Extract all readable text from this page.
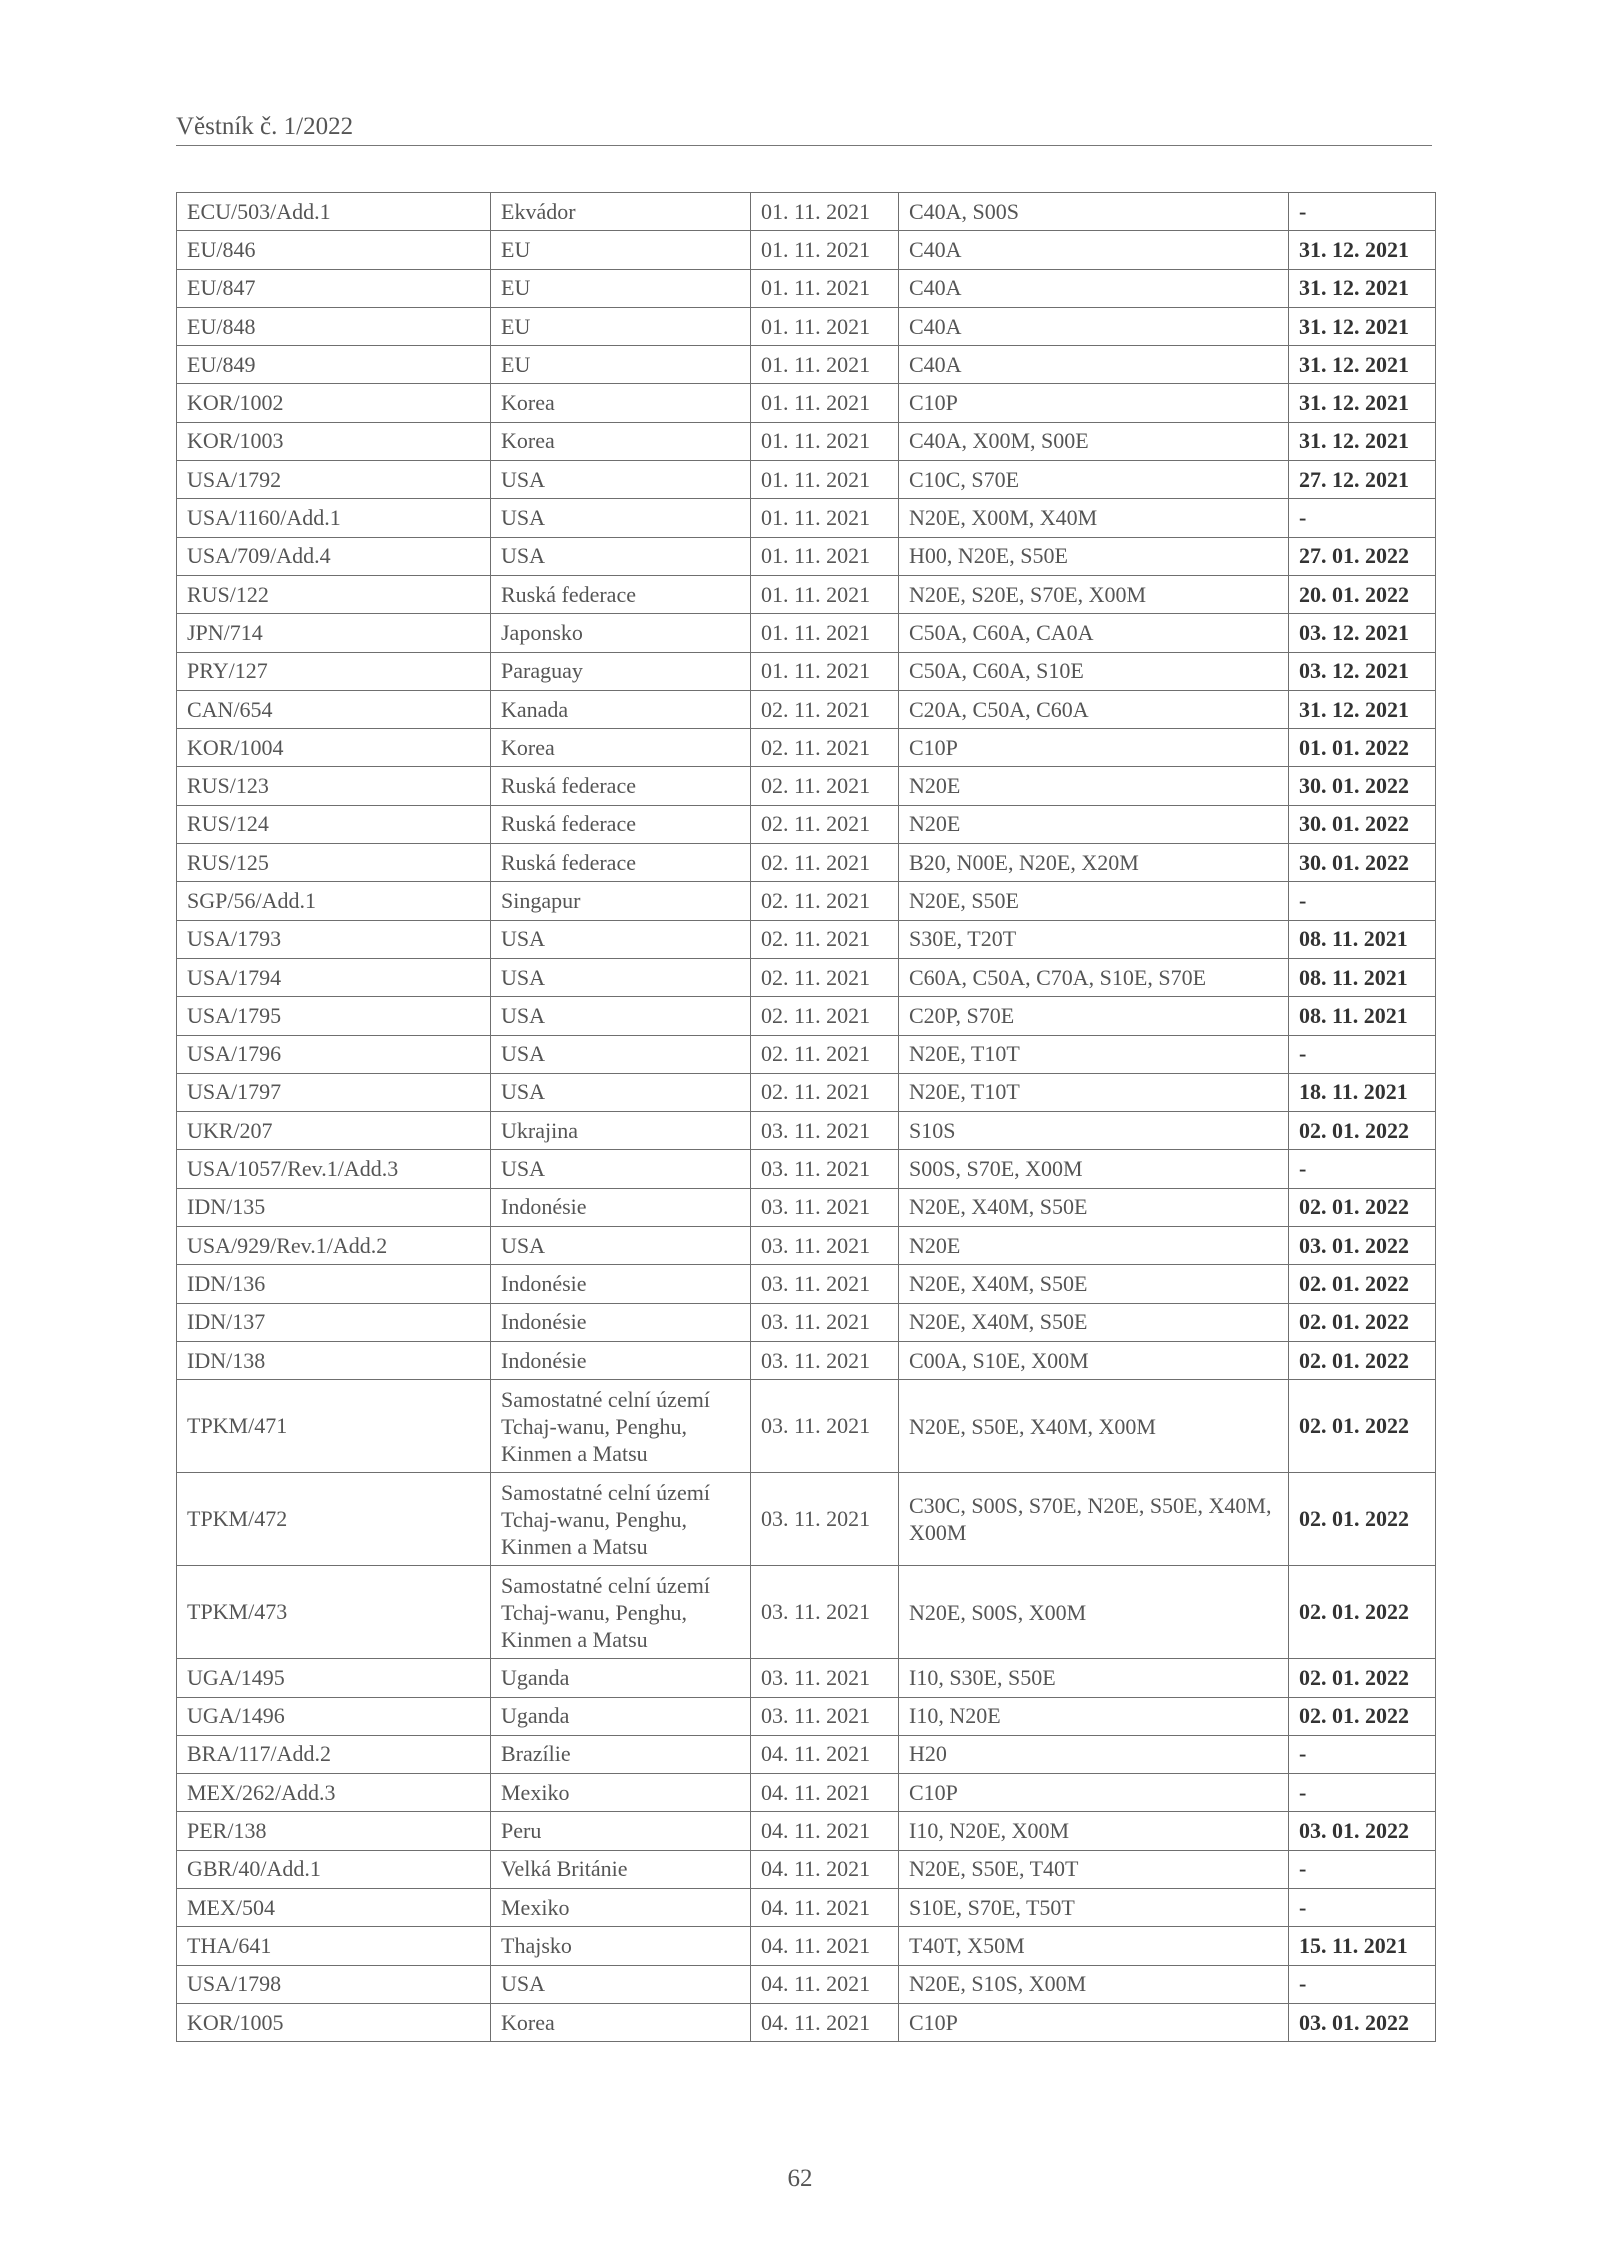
Věstník č. 1/2022
ECU/503/Add.1	Ekvádor	01. 11. 2021	C40A, S00S	-
EU/846	EU	01. 11. 2021	C40A	31. 12. 2021
EU/847	EU	01. 11. 2021	C40A	31. 12. 2021
EU/848	EU	01. 11. 2021	C40A	31. 12. 2021
EU/849	EU	01. 11. 2021	C40A	31. 12. 2021
KOR/1002	Korea	01. 11. 2021	C10P	31. 12. 2021
KOR/1003	Korea	01. 11. 2021	C40A, X00M, S00E	31. 12. 2021
USA/1792	USA	01. 11. 2021	C10C, S70E	27. 12. 2021
USA/1160/Add.1	USA	01. 11. 2021	N20E, X00M, X40M	-
USA/709/Add.4	USA	01. 11. 2021	H00, N20E, S50E	27. 01. 2022
RUS/122	Ruská federace	01. 11. 2021	N20E, S20E, S70E, X00M	20. 01. 2022
JPN/714	Japonsko	01. 11. 2021	C50A, C60A, CA0A	03. 12. 2021
PRY/127	Paraguay	01. 11. 2021	C50A, C60A, S10E	03. 12. 2021
CAN/654	Kanada	02. 11. 2021	C20A, C50A, C60A	31. 12. 2021
KOR/1004	Korea	02. 11. 2021	C10P	01. 01. 2022
RUS/123	Ruská federace	02. 11. 2021	N20E	30. 01. 2022
RUS/124	Ruská federace	02. 11. 2021	N20E	30. 01. 2022
RUS/125	Ruská federace	02. 11. 2021	B20, N00E, N20E, X20M	30. 01. 2022
SGP/56/Add.1	Singapur	02. 11. 2021	N20E, S50E	-
USA/1793	USA	02. 11. 2021	S30E, T20T	08. 11. 2021
USA/1794	USA	02. 11. 2021	C60A, C50A, C70A, S10E, S70E	08. 11. 2021
USA/1795	USA	02. 11. 2021	C20P, S70E	08. 11. 2021
USA/1796	USA	02. 11. 2021	N20E, T10T	-
USA/1797	USA	02. 11. 2021	N20E, T10T	18. 11. 2021
UKR/207	Ukrajina	03. 11. 2021	S10S	02. 01. 2022
USA/1057/Rev.1/Add.3	USA	03. 11. 2021	S00S, S70E, X00M	-
IDN/135	Indonésie	03. 11. 2021	N20E, X40M, S50E	02. 01. 2022
USA/929/Rev.1/Add.2	USA	03. 11. 2021	N20E	03. 01. 2022
IDN/136	Indonésie	03. 11. 2021	N20E, X40M, S50E	02. 01. 2022
IDN/137	Indonésie	03. 11. 2021	N20E, X40M, S50E	02. 01. 2022
IDN/138	Indonésie	03. 11. 2021	C00A, S10E, X00M	02. 01. 2022
TPKM/471	Samostatné celní území Tchaj-wanu, Penghu, Kinmen a Matsu	03. 11. 2021	N20E, S50E, X40M, X00M	02. 01. 2022
TPKM/472	Samostatné celní území Tchaj-wanu, Penghu, Kinmen a Matsu	03. 11. 2021	C30C, S00S, S70E, N20E, S50E, X40M, X00M	02. 01. 2022
TPKM/473	Samostatné celní území Tchaj-wanu, Penghu, Kinmen a Matsu	03. 11. 2021	N20E, S00S, X00M	02. 01. 2022
UGA/1495	Uganda	03. 11. 2021	I10, S30E, S50E	02. 01. 2022
UGA/1496	Uganda	03. 11. 2021	I10, N20E	02. 01. 2022
BRA/117/Add.2	Brazílie	04. 11. 2021	H20	-
MEX/262/Add.3	Mexiko	04. 11. 2021	C10P	-
PER/138	Peru	04. 11. 2021	I10, N20E, X00M	03. 01. 2022
GBR/40/Add.1	Velká Británie	04. 11. 2021	N20E, S50E, T40T	-
MEX/504	Mexiko	04. 11. 2021	S10E, S70E, T50T	-
THA/641	Thajsko	04. 11. 2021	T40T, X50M	15. 11. 2021
USA/1798	USA	04. 11. 2021	N20E, S10S, X00M	-
KOR/1005	Korea	04. 11. 2021	C10P	03. 01. 2022
62
